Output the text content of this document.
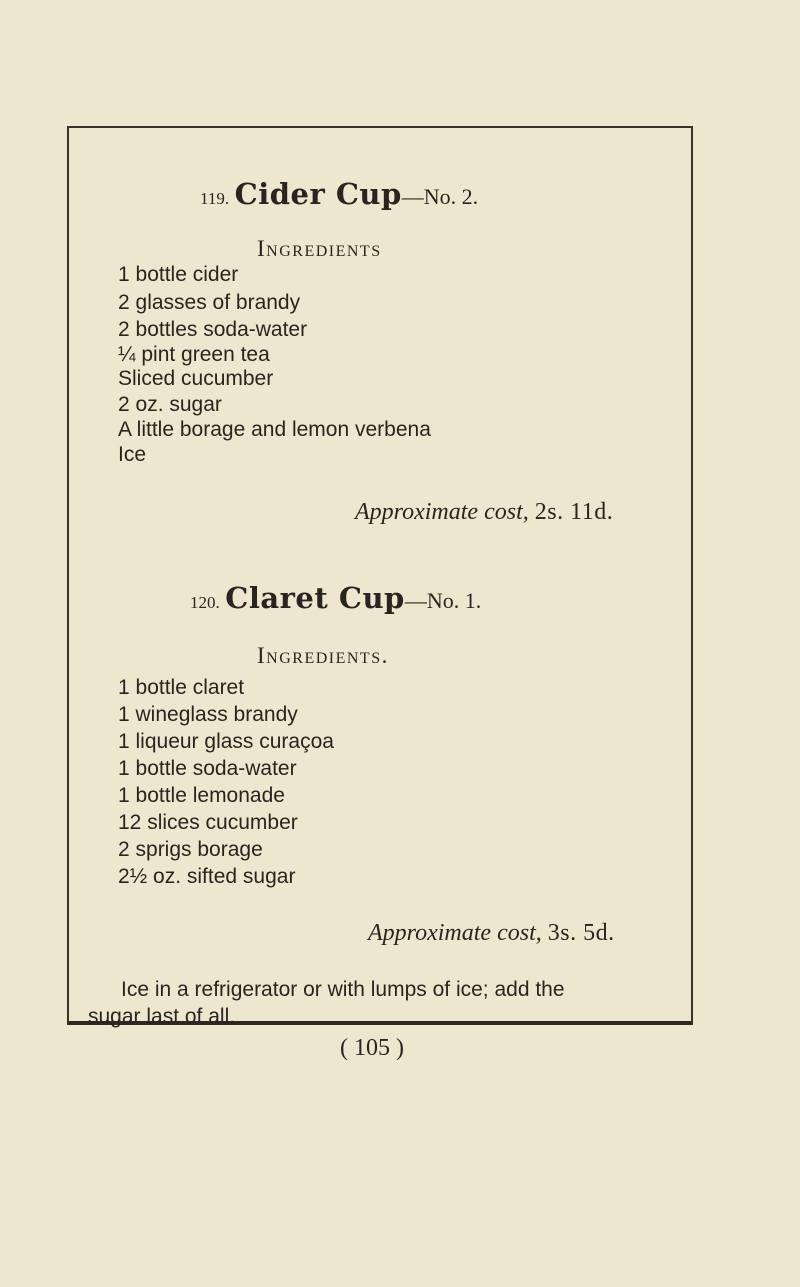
119. Cider Cup—No. 2.
Ingredients
1 bottle cider
2 glasses of brandy
2 bottles soda-water
¼ pint green tea
Sliced cucumber
2 oz. sugar
A little borage and lemon verbena
Ice
Approximate cost, 2s. 11d.
120. Claret Cup—No. 1.
Ingredients.
1 bottle claret
1 wineglass brandy
1 liqueur glass curaçoa
1 bottle soda-water
1 bottle lemonade
12 slices cucumber
2 sprigs borage
2½ oz. sifted sugar
Approximate cost, 3s. 5d.
Ice in a refrigerator or with lumps of ice; add the
sugar last of all.
( 105 )
